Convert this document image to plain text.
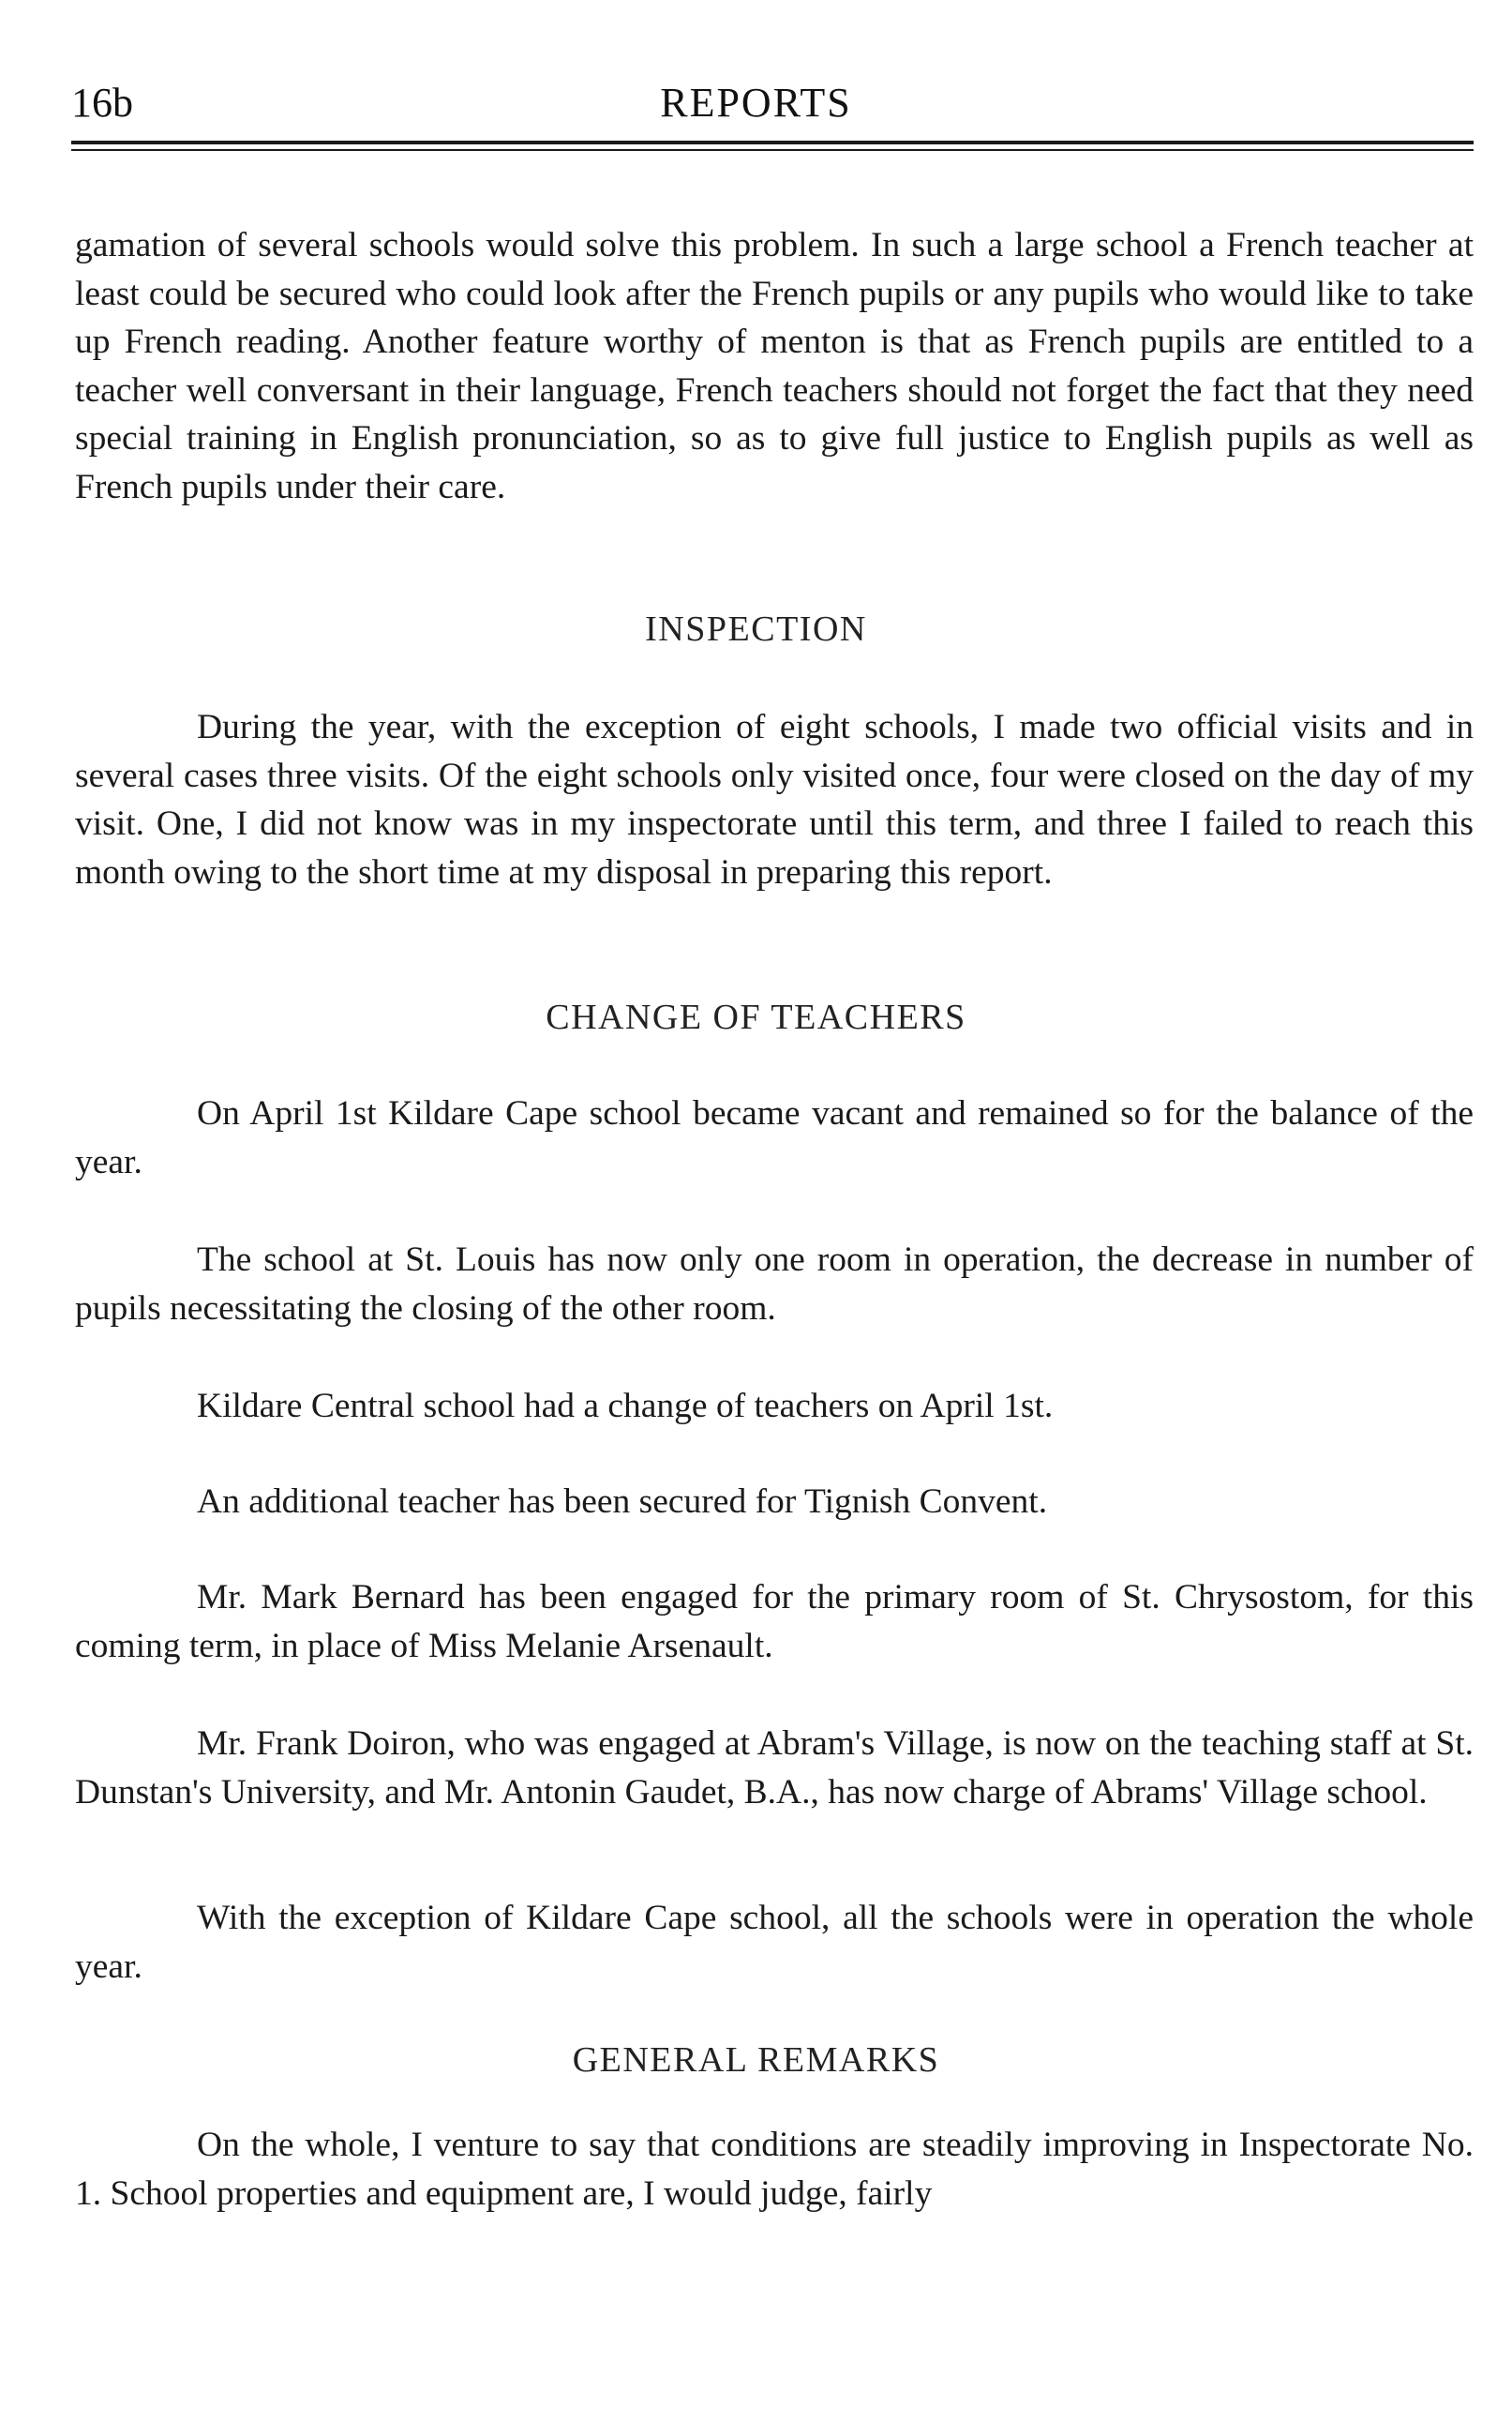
16b	REPORTS

gamation of several schools would solve this problem. In such a large school a French teacher at least could be secured who could look after the French pupils or any pupils who would like to take up French reading. Another feature worthy of menton is that as French pupils are entitled to a teacher well conversant in their language, French teachers should not forget the fact that they need special training in English pronunciation, so as to give full justice to English pupils as well as French pupils under their care.

INSPECTION

During the year, with the exception of eight schools, I made two official visits and in several cases three visits. Of the eight schools only visited once, four were closed on the day of my visit. One, I did not know was in my inspectorate until this term, and three I failed to reach this month owing to the short time at my disposal in preparing this report.

CHANGE OF TEACHERS

On April 1st Kildare Cape school became vacant and remained so for the balance of the year.

The school at St. Louis has now only one room in operation, the decrease in number of pupils necessitating the closing of the other room.

Kildare Central school had a change of teachers on April 1st.

An additional teacher has been secured for Tignish Convent.

Mr. Mark Bernard has been engaged for the primary room of St. Chrysostom, for this coming term, in place of Miss Melanie Arsenault.

Mr. Frank Doiron, who was engaged at Abram's Village, is now on the teaching staff at St. Dunstan's University, and Mr. Antonin Gaudet, B.A., has now charge of Abrams' Village school.

With the exception of Kildare Cape school, all the schools were in operation the whole year.

GENERAL REMARKS

On the whole, I venture to say that conditions are steadily improving in Inspectorate No. 1. School properties and equipment are, I would judge, fairly
